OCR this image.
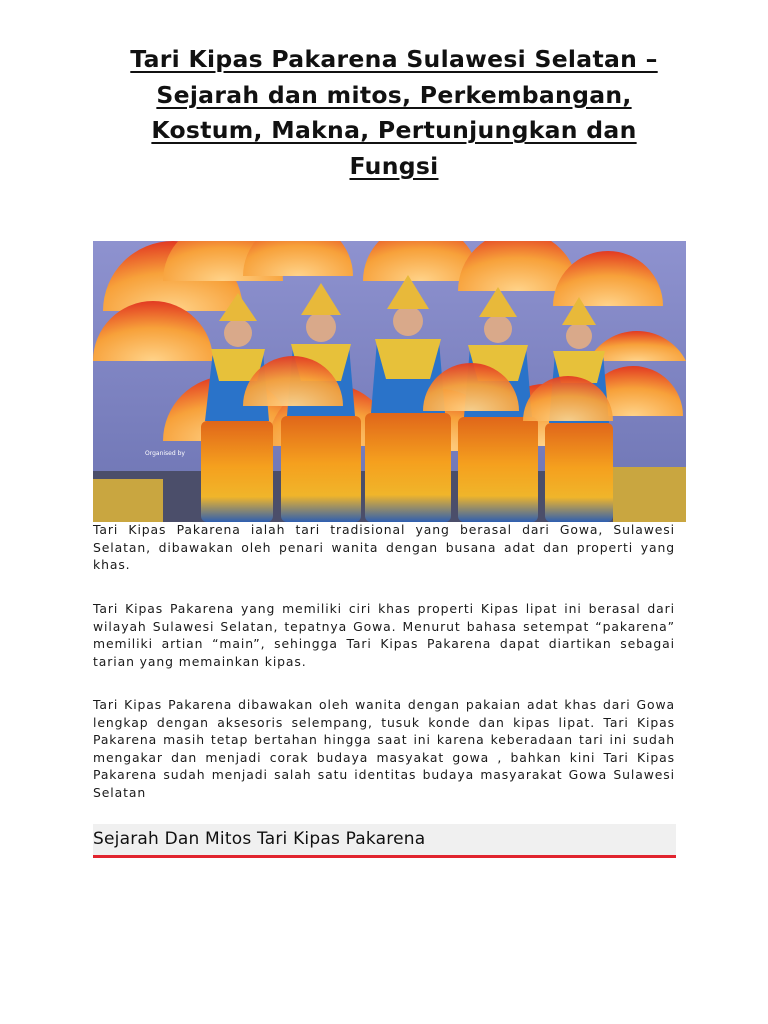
Tari Kipas Pakarena Sulawesi Selatan – Sejarah dan mitos, Perkembangan, Kostum, Makna, Pertunjungkan dan Fungsi
Organised by

Tari Kipas Pakarena ialah tari tradisional yang berasal dari Gowa, Sulawesi Selatan, dibawakan oleh penari wanita dengan busana adat dan properti yang khas.

Tari Kipas Pakarena yang memiliki ciri khas properti Kipas lipat ini berasal dari wilayah Sulawesi Selatan, tepatnya Gowa. Menurut bahasa setempat “pakarena” memiliki artian “main”, sehingga Tari Kipas Pakarena dapat diartikan sebagai tarian yang memainkan kipas.

Tari Kipas Pakarena dibawakan oleh wanita dengan pakaian adat khas dari Gowa lengkap dengan aksesoris selempang, tusuk konde dan kipas lipat. Tari Kipas Pakarena masih tetap bertahan hingga saat ini karena keberadaan tari ini sudah mengakar dan menjadi corak budaya masyakat gowa , bahkan kini Tari Kipas Pakarena sudah menjadi salah satu identitas budaya masyarakat Gowa Sulawesi Selatan

Sejarah Dan Mitos Tari Kipas Pakarena
